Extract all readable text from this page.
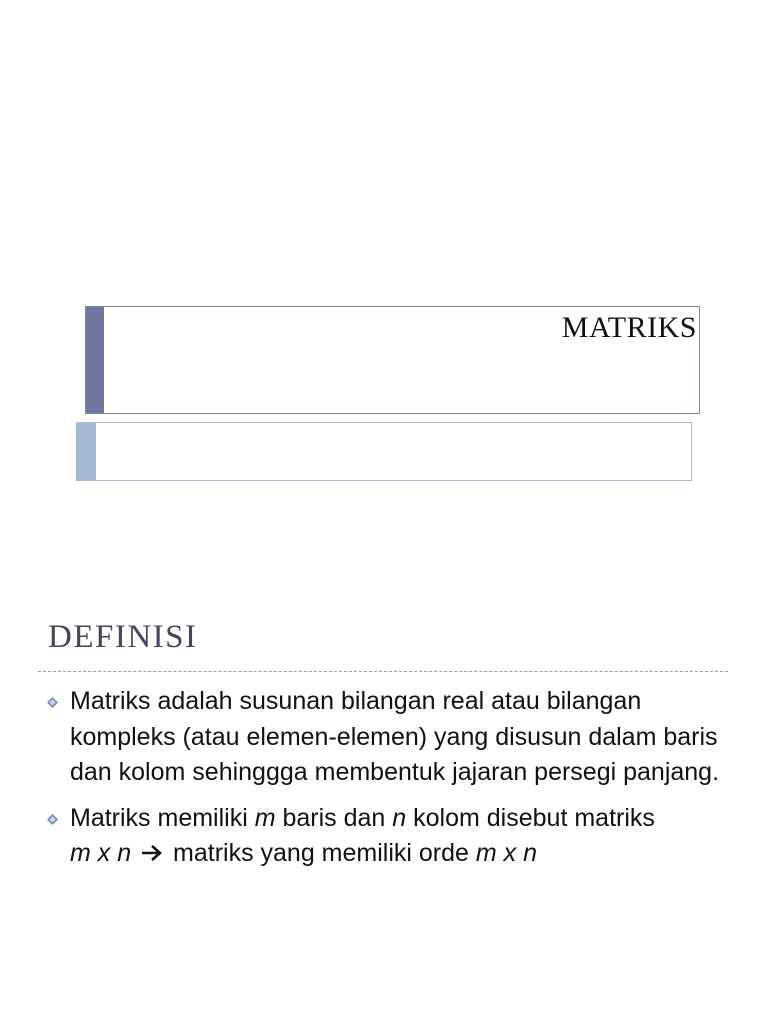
MATRIKS
DEFINISI
Matriks adalah susunan bilangan real atau bilangan kompleks (atau elemen-elemen) yang disusun dalam baris dan kolom sehinggga membentuk jajaran persegi panjang.
Matriks memiliki m baris dan n kolom disebut matriks
m x n  matriks yang memiliki orde m x n
